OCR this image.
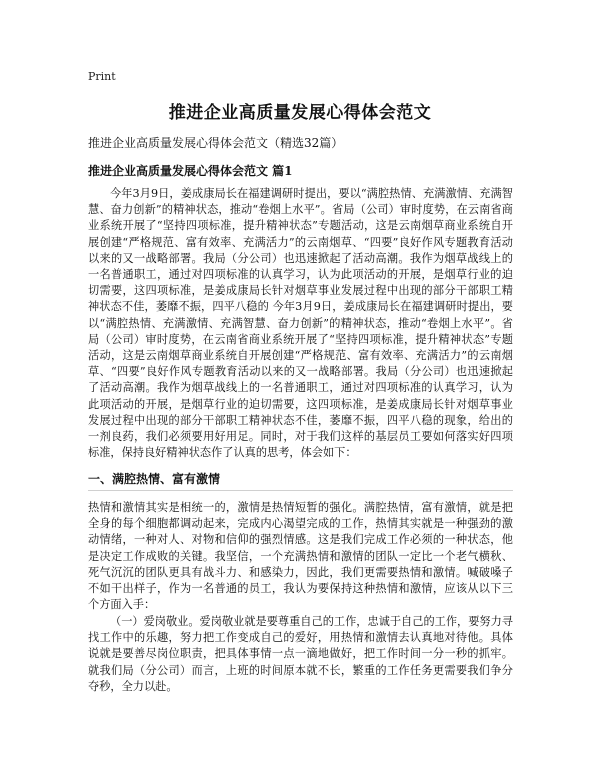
Print
推进企业高质量发展心得体会范文
推进企业高质量发展心得体会范文（精选32篇）
推进企业高质量发展心得体会范文 篇1

今年3月9日，姜成康局长在福建调研时提出，要以“满腔热情、充满激情、充满智慧、奋力创新”的精神状态，推动“卷烟上水平”。省局（公司）审时度势，在云南省商业系统开展了“坚持四项标准，提升精神状态”专题活动，这是云南烟草商业系统自开展创建“严格规范、富有效率、充满活力”的云南烟草、“四要”良好作风专题教育活动以来的又一战略部署。我局（分公司）也迅速掀起了活动高潮。我作为烟草战线上的一名普通职工，通过对四项标准的认真学习，认为此项活动的开展，是烟草行业的迫切需要，这四项标准，是姜成康局长针对烟草事业发展过程中出现的部分干部职工精神状态不佳，萎靡不振，四平八稳的 今年3月9日，姜成康局长在福建调研时提出，要以“满腔热情、充满激情、充满智慧、奋力创新”的精神状态，推动“卷烟上水平”。省局（公司）审时度势，在云南省商业系统开展了“坚持四项标准，提升精神状态”专题活动，这是云南烟草商业系统自开展创建“严格规范、富有效率、充满活力”的云南烟草、“四要”良好作风专题教育活动以来的又一战略部署。我局（分公司）也迅速掀起了活动高潮。我作为烟草战线上的一名普通职工，通过对四项标准的认真学习，认为此项活动的开展，是烟草行业的迫切需要，这四项标准，是姜成康局长针对烟草事业发展过程中出现的部分干部职工精神状态不佳，萎靡不振，四平八稳的现象，给出的一剂良药，我们必须要用好用足。同时，对于我们这样的基层员工要如何落实好四项标准，保持良好精神状态作了认真的思考，体会如下：

一、满腔热情、富有激情

热情和激情其实是相统一的，激情是热情短暂的强化。满腔热情，富有激情，就是把全身的每个细胞都调动起来，完成内心渴望完成的工作，热情其实就是一种强劲的激动情绪，一种对人、对物和信仰的强烈情感。这是我们完成工作必须的一种状态，他是决定工作成败的关键。我坚信，一个充满热情和激情的团队一定比一个老气横秋、死气沉沉的团队更具有战斗力、和感染力，因此，我们更需要热情和激情。喊破嗓子不如干出样子，作为一名普通的员工，我认为要保持这种热情和激情，应该从以下三个方面入手：

（一）爱岗敬业。爱岗敬业就是要尊重自己的工作，忠诚于自己的工作，要努力寻找工作中的乐趣，努力把工作变成自己的爱好，用热情和激情去认真地对待他。具体说就是要善尽岗位职责，把具体事情一点一滴地做好，把工作时间一分一秒的抓牢。就我们局（分公司）而言，上班的时间原本就不长，繁重的工作任务更需要我们争分夺秒，全力以赴。
